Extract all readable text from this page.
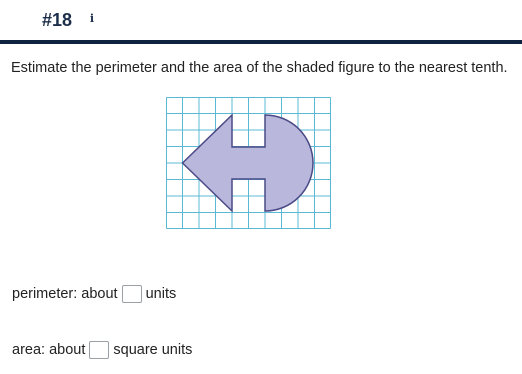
#18	i
Estimate the perimeter and the area of the shaded figure to the nearest tenth.
perimeter: about units
area: about square units
